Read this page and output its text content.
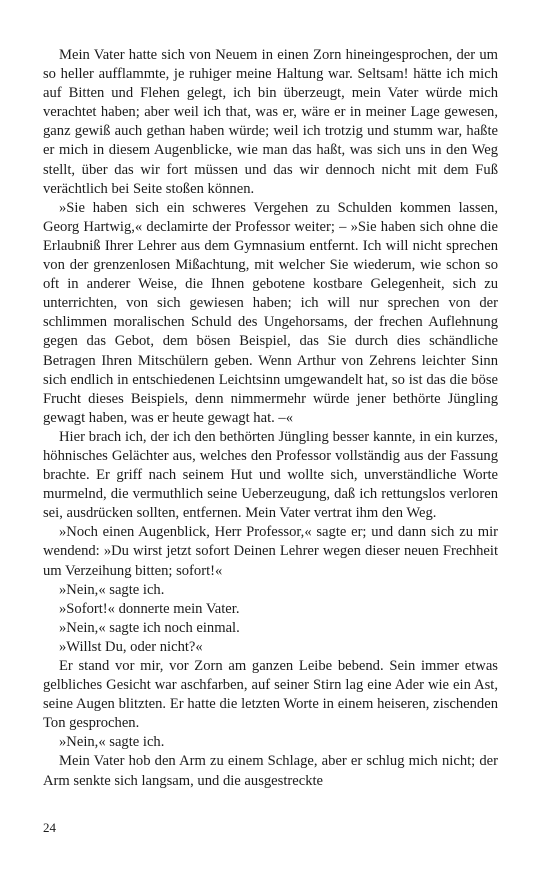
Mein Vater hatte sich von Neuem in einen Zorn hineingesprochen, der um so heller aufflammte, je ruhiger meine Haltung war. Seltsam! hätte ich mich auf Bitten und Flehen gelegt, ich bin überzeugt, mein Vater würde mich verachtet haben; aber weil ich that, was er, wäre er in meiner Lage gewesen, ganz gewiß auch gethan haben würde; weil ich trotzig und stumm war, haßte er mich in diesem Augenblicke, wie man das haßt, was sich uns in den Weg stellt, über das wir fort müssen und das wir dennoch nicht mit dem Fuß verächtlich bei Seite stoßen können.

»Sie haben sich ein schweres Vergehen zu Schulden kommen lassen, Georg Hartwig,« declamirte der Professor weiter; – »Sie haben sich ohne die Erlaubniß Ihrer Lehrer aus dem Gymnasium entfernt. Ich will nicht sprechen von der grenzenlosen Mißachtung, mit welcher Sie wiederum, wie schon so oft in anderer Weise, die Ihnen gebotene kostbare Gelegenheit, sich zu unterrichten, von sich gewiesen haben; ich will nur sprechen von der schlimmen moralischen Schuld des Ungehorsams, der frechen Auflehnung gegen das Gebot, dem bösen Beispiel, das Sie durch dies schändliche Betragen Ihren Mitschülern geben. Wenn Arthur von Zehrens leichter Sinn sich endlich in entschiedenen Leichtsinn umgewandelt hat, so ist das die böse Frucht dieses Beispiels, denn nimmermehr würde jener bethörte Jüngling gewagt haben, was er heute gewagt hat. –«

Hier brach ich, der ich den bethörten Jüngling besser kannte, in ein kurzes, höhnisches Gelächter aus, welches den Professor vollständig aus der Fassung brachte. Er griff nach seinem Hut und wollte sich, unverständliche Worte murmelnd, die vermuthlich seine Ueberzeugung, daß ich rettungslos verloren sei, ausdrücken sollten, entfernen. Mein Vater vertrat ihm den Weg.

»Noch einen Augenblick, Herr Professor,« sagte er; und dann sich zu mir wendend: »Du wirst jetzt sofort Deinen Lehrer wegen dieser neuen Frechheit um Verzeihung bitten; sofort!«

»Nein,« sagte ich.

»Sofort!« donnerte mein Vater.

»Nein,« sagte ich noch einmal.

»Willst Du, oder nicht?«

Er stand vor mir, vor Zorn am ganzen Leibe bebend. Sein immer etwas gelbliches Gesicht war aschfarben, auf seiner Stirn lag eine Ader wie ein Ast, seine Augen blitzten. Er hatte die letzten Worte in einem heiseren, zischenden Ton gesprochen.

»Nein,« sagte ich.

Mein Vater hob den Arm zu einem Schlage, aber er schlug mich nicht; der Arm senkte sich langsam, und die ausgestreckte

24
